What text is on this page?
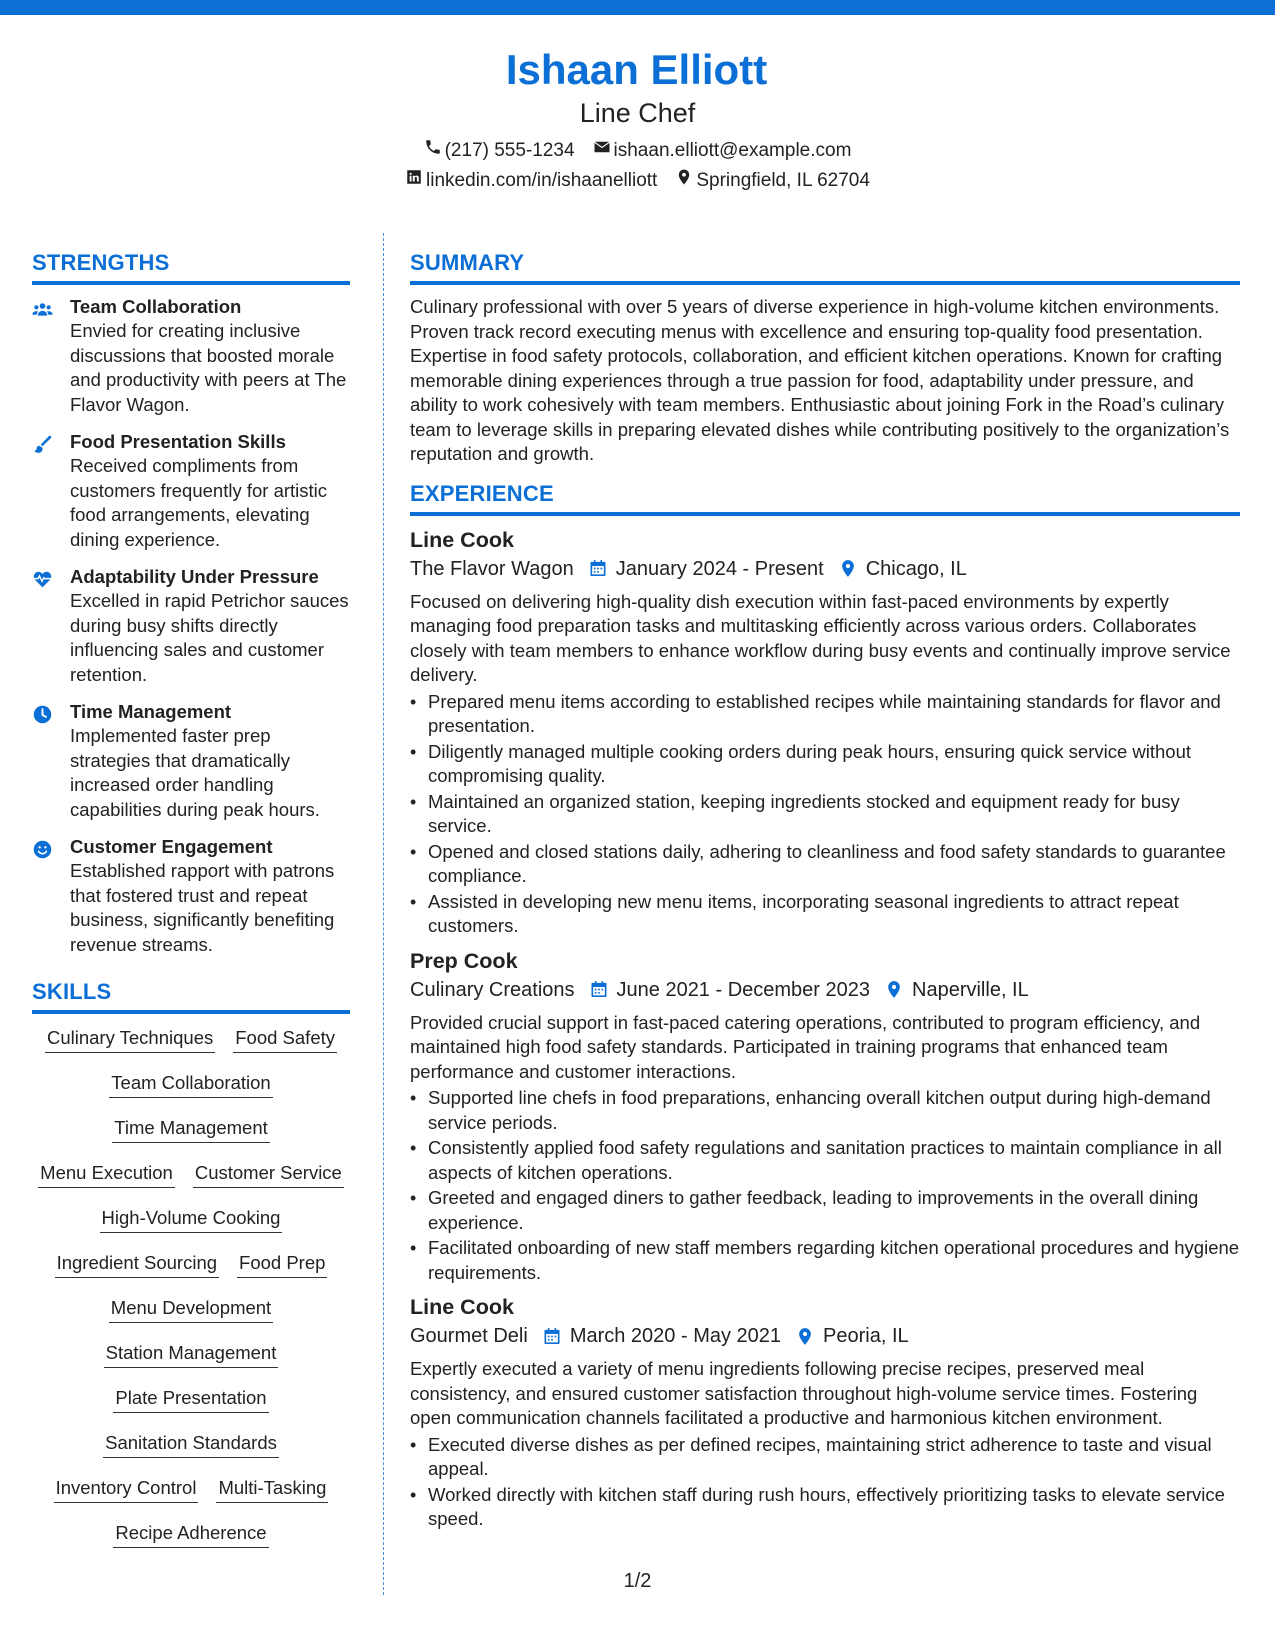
Ishaan Elliott
Line Chef
(217) 555-1234 ishaan.elliott@example.com
linkedin.com/in/ishaanelliott Springfield, IL 62704
STRENGTHS
Team Collaboration
Envied for creating inclusive discussions that boosted morale and productivity with peers at The Flavor Wagon.
Food Presentation Skills
Received compliments from customers frequently for artistic food arrangements, elevating dining experience.
Adaptability Under Pressure
Excelled in rapid Petrichor sauces during busy shifts directly influencing sales and customer retention.
Time Management
Implemented faster prep strategies that dramatically increased order handling capabilities during peak hours.
Customer Engagement
Established rapport with patrons that fostered trust and repeat business, significantly benefiting revenue streams.
SKILLS
Culinary Techniques Food Safety
Team Collaboration
Time Management
Menu Execution Customer Service
High-Volume Cooking
Ingredient Sourcing Food Prep
Menu Development
Station Management
Plate Presentation
Sanitation Standards
Inventory Control Multi-Tasking
Recipe Adherence
SUMMARY
Culinary professional with over 5 years of diverse experience in high-volume kitchen environments. Proven track record executing menus with excellence and ensuring top-quality food presentation. Expertise in food safety protocols, collaboration, and efficient kitchen operations. Known for crafting memorable dining experiences through a true passion for food, adaptability under pressure, and ability to work cohesively with team members. Enthusiastic about joining Fork in the Road’s culinary team to leverage skills in preparing elevated dishes while contributing positively to the organization’s reputation and growth.
EXPERIENCE
Line Cook
The Flavor Wagon January 2024 - Present Chicago, IL
Focused on delivering high-quality dish execution within fast-paced environments by expertly managing food preparation tasks and multitasking efficiently across various orders. Collaborates closely with team members to enhance workflow during busy events and continually improve service delivery.
• Prepared menu items according to established recipes while maintaining standards for flavor and presentation.
• Diligently managed multiple cooking orders during peak hours, ensuring quick service without compromising quality.
• Maintained an organized station, keeping ingredients stocked and equipment ready for busy service.
• Opened and closed stations daily, adhering to cleanliness and food safety standards to guarantee compliance.
• Assisted in developing new menu items, incorporating seasonal ingredients to attract repeat customers.
Prep Cook
Culinary Creations June 2021 - December 2023 Naperville, IL
Provided crucial support in fast-paced catering operations, contributed to program efficiency, and maintained high food safety standards. Participated in training programs that enhanced team performance and customer interactions.
• Supported line chefs in food preparations, enhancing overall kitchen output during high-demand service periods.
• Consistently applied food safety regulations and sanitation practices to maintain compliance in all aspects of kitchen operations.
• Greeted and engaged diners to gather feedback, leading to improvements in the overall dining experience.
• Facilitated onboarding of new staff members regarding kitchen operational procedures and hygiene requirements.
Line Cook
Gourmet Deli March 2020 - May 2021 Peoria, IL
Expertly executed a variety of menu ingredients following precise recipes, preserved meal consistency, and ensured customer satisfaction throughout high-volume service times. Fostering open communication channels facilitated a productive and harmonious kitchen environment.
• Executed diverse dishes as per defined recipes, maintaining strict adherence to taste and visual appeal.
• Worked directly with kitchen staff during rush hours, effectively prioritizing tasks to elevate service speed.
1/2
